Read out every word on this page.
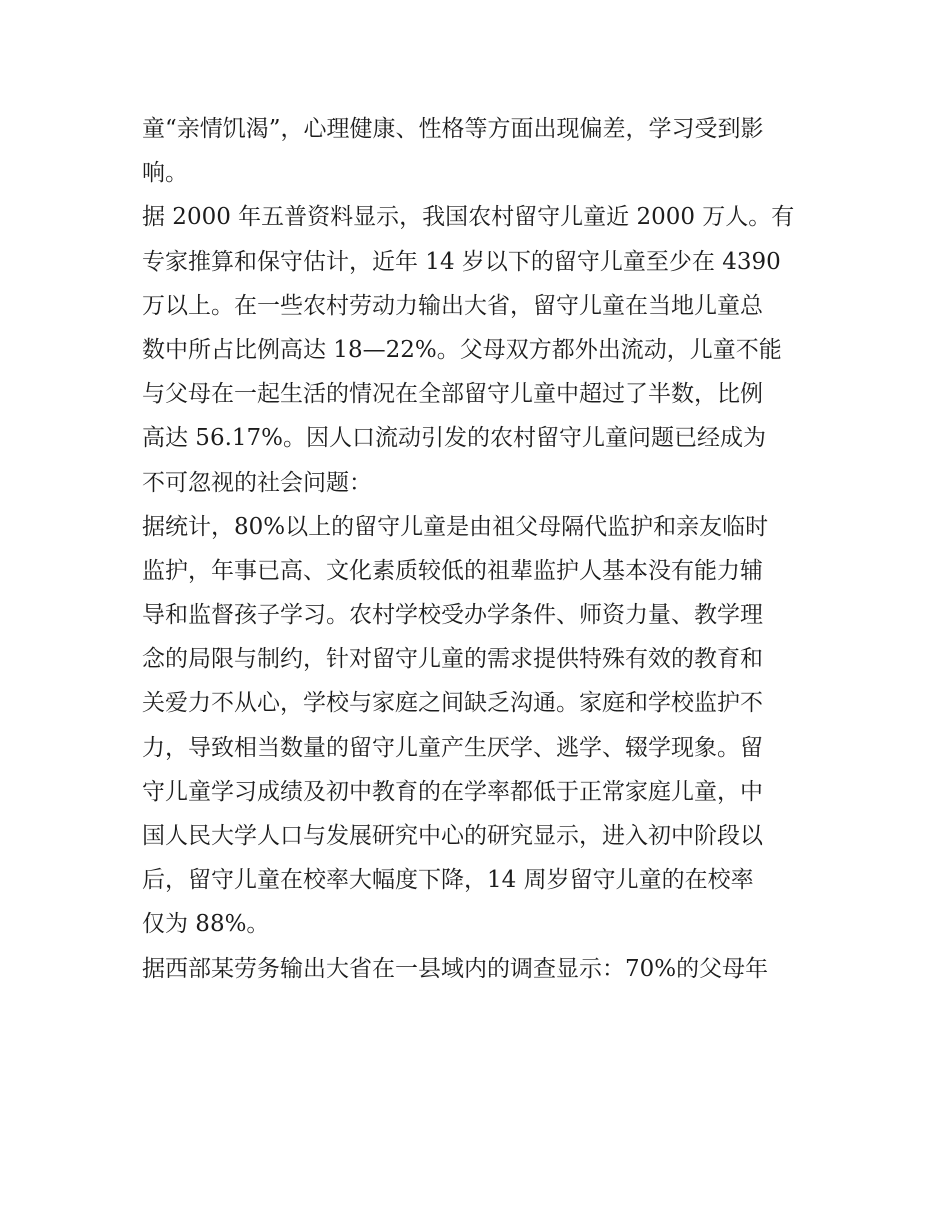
童“亲情饥渴”，心理健康、性格等方面出现偏差，学习受到影
响。
据 2000 年五普资料显示，我国农村留守儿童近 2000 万人。有
专家推算和保守估计，近年 14 岁以下的留守儿童至少在 4390
万以上。在一些农村劳动力输出大省，留守儿童在当地儿童总
数中所占比例高达 18—22%。父母双方都外出流动，儿童不能
与父母在一起生活的情况在全部留守儿童中超过了半数，比例
高达 56.17%。因人口流动引发的农村留守儿童问题已经成为
不可忽视的社会问题：
据统计，80%以上的留守儿童是由祖父母隔代监护和亲友临时
监护，年事已高、文化素质较低的祖辈监护人基本没有能力辅
导和监督孩子学习。农村学校受办学条件、师资力量、教学理
念的局限与制约，针对留守儿童的需求提供特殊有效的教育和
关爱力不从心，学校与家庭之间缺乏沟通。家庭和学校监护不
力，导致相当数量的留守儿童产生厌学、逃学、辍学现象。留
守儿童学习成绩及初中教育的在学率都低于正常家庭儿童，中
国人民大学人口与发展研究中心的研究显示，进入初中阶段以
后，留守儿童在校率大幅度下降，14 周岁留守儿童的在校率
仅为 88%。
据西部某劳务输出大省在一县域内的调查显示：70%的父母年
